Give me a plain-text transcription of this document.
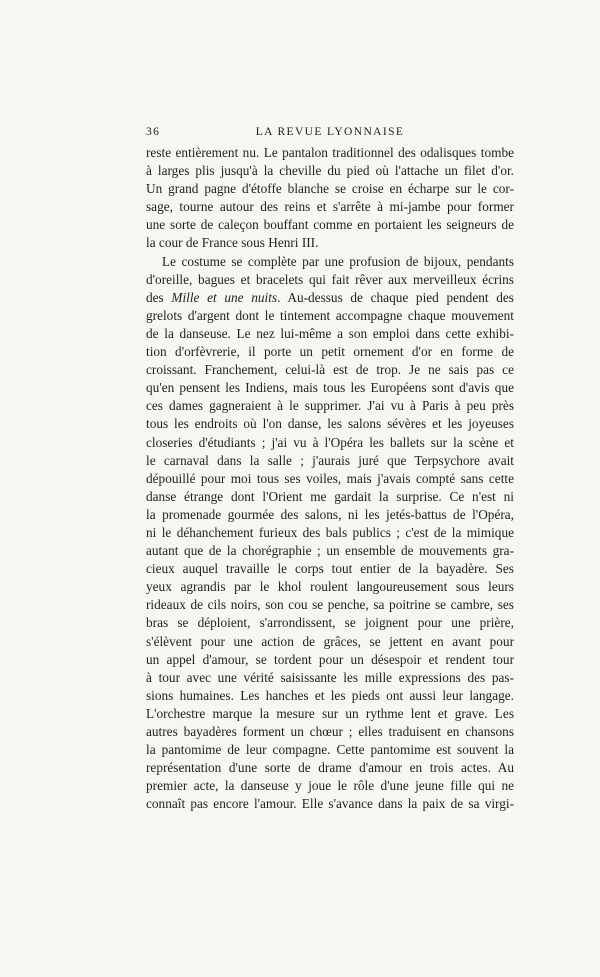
36	LA REVUE LYONNAISE
reste entièrement nu. Le pantalon traditionnel des odalisques tombe
à larges plis jusqu'à la cheville du pied où l'attache un filet d'or.
Un grand pagne d'étoffe blanche se croise en écharpe sur le cor-
sage, tourne autour des reins et s'arrête à mi-jambe pour former
une sorte de caleçon bouffant comme en portaient les seigneurs de
la cour de France sous Henri III.
Le costume se complète par une profusion de bijoux, pendants
d'oreille, bagues et bracelets qui fait rêver aux merveilleux écrins
des Mille et une nuits. Au-dessus de chaque pied pendent des
grelots d'argent dont le tintement accompagne chaque mouvement
de la danseuse. Le nez lui-même a son emploi dans cette exhibi-
tion d'orfèvrerie, il porte un petit ornement d'or en forme de
croissant. Franchement, celui-là est de trop. Je ne sais pas ce
qu'en pensent les Indiens, mais tous les Européens sont d'avis que
ces dames gagneraient à le supprimer. J'ai vu à Paris à peu près
tous les endroits où l'on danse, les salons sévères et les joyeuses
closeries d'étudiants ; j'ai vu à l'Opéra les ballets sur la scène et
le carnaval dans la salle ; j'aurais juré que Terpsychore avait
dépouillé pour moi tous ses voiles, mais j'avais compté sans cette
danse étrange dont l'Orient me gardait la surprise. Ce n'est ni
la promenade gourmée des salons, ni les jetés-battus de l'Opéra,
ni le déhanchement furieux des bals publics ; c'est de la mimique
autant que de la chorégraphie ; un ensemble de mouvements gra-
cieux auquel travaille le corps tout entier de la bayadère. Ses
yeux agrandis par le khol roulent langoureusement sous leurs
rideaux de cils noirs, son cou se penche, sa poitrine se cambre, ses
bras se déploient, s'arrondissent, se joignent pour une prière,
s'élèvent pour une action de grâces, se jettent en avant pour
un appel d'amour, se tordent pour un désespoir et rendent tour
à tour avec une vérité saisissante les mille expressions des pas-
sions humaines. Les hanches et les pieds ont aussi leur langage.
L'orchestre marque la mesure sur un rythme lent et grave. Les
autres bayadères forment un chœur ; elles traduisent en chansons
la pantomime de leur compagne. Cette pantomime est souvent la
représentation d'une sorte de drame d'amour en trois actes. Au
premier acte, la danseuse y joue le rôle d'une jeune fille qui ne
connaît pas encore l'amour. Elle s'avance dans la paix de sa virgi-
